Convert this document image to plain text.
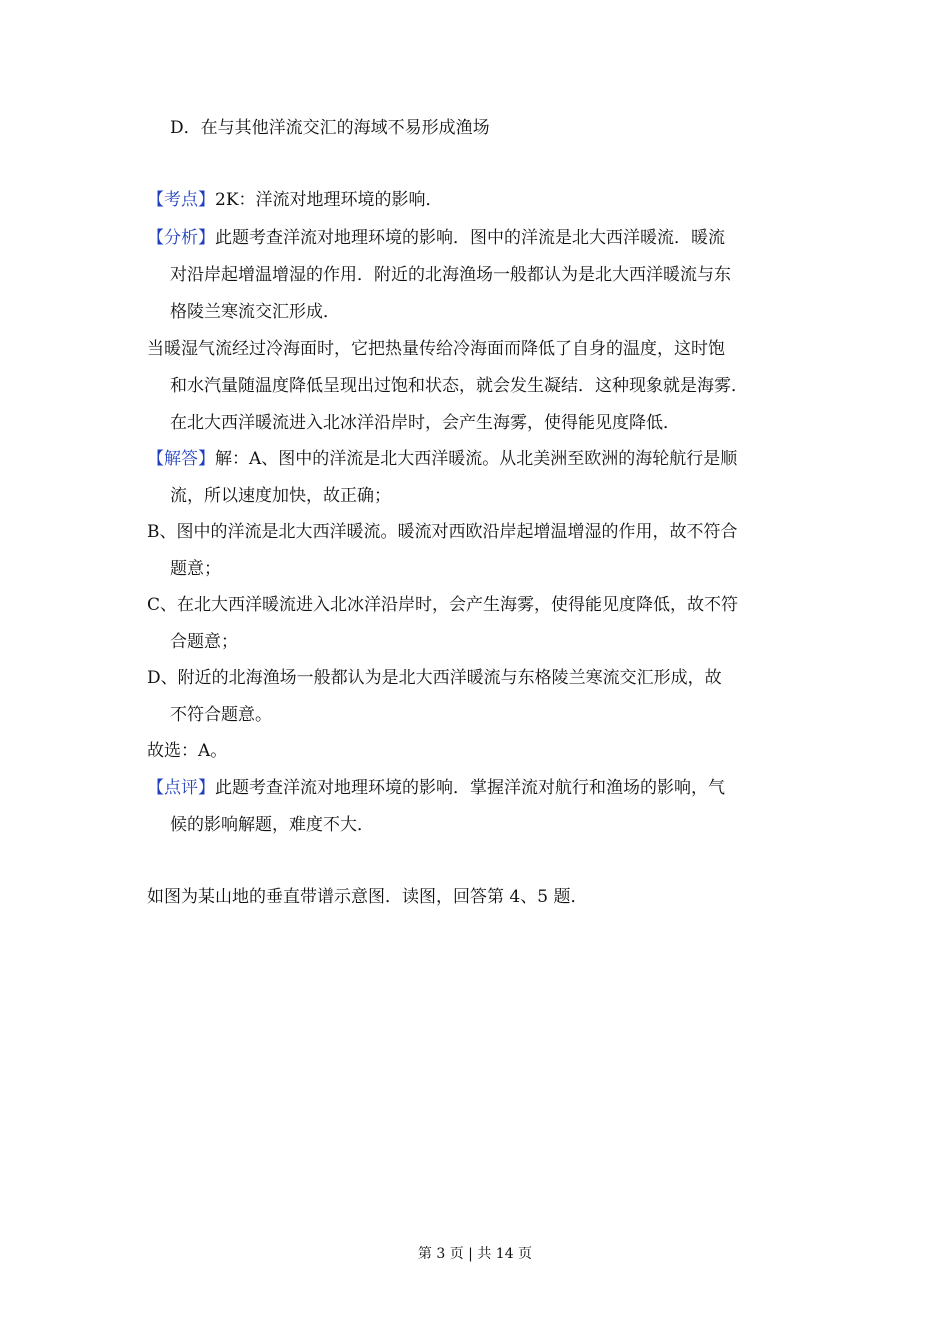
D．在与其他洋流交汇的海域不易形成渔场
【考点】2K：洋流对地理环境的影响．
【分析】此题考查洋流对地理环境的影响．图中的洋流是北大西洋暖流．暖流
对沿岸起增温增湿的作用．附近的北海渔场一般都认为是北大西洋暖流与东
格陵兰寒流交汇形成．
当暖湿气流经过冷海面时，它把热量传给冷海面而降低了自身的温度，这时饱
和水汽量随温度降低呈现出过饱和状态，就会发生凝结．这种现象就是海雾．
在北大西洋暖流进入北冰洋沿岸时，会产生海雾，使得能见度降低．
【解答】解：A、图中的洋流是北大西洋暖流。从北美洲至欧洲的海轮航行是顺
流，所以速度加快，故正确；
B、图中的洋流是北大西洋暖流。暖流对西欧沿岸起增温增湿的作用，故不符合
题意；
C、在北大西洋暖流进入北冰洋沿岸时，会产生海雾，使得能见度降低，故不符
合题意；
D、附近的北海渔场一般都认为是北大西洋暖流与东格陵兰寒流交汇形成，故
不符合题意。
故选：A。
【点评】此题考查洋流对地理环境的影响．掌握洋流对航行和渔场的影响，气
候的影响解题，难度不大．
如图为某山地的垂直带谱示意图．读图，回答第 4、5 题．
第 3 页 | 共 14 页
